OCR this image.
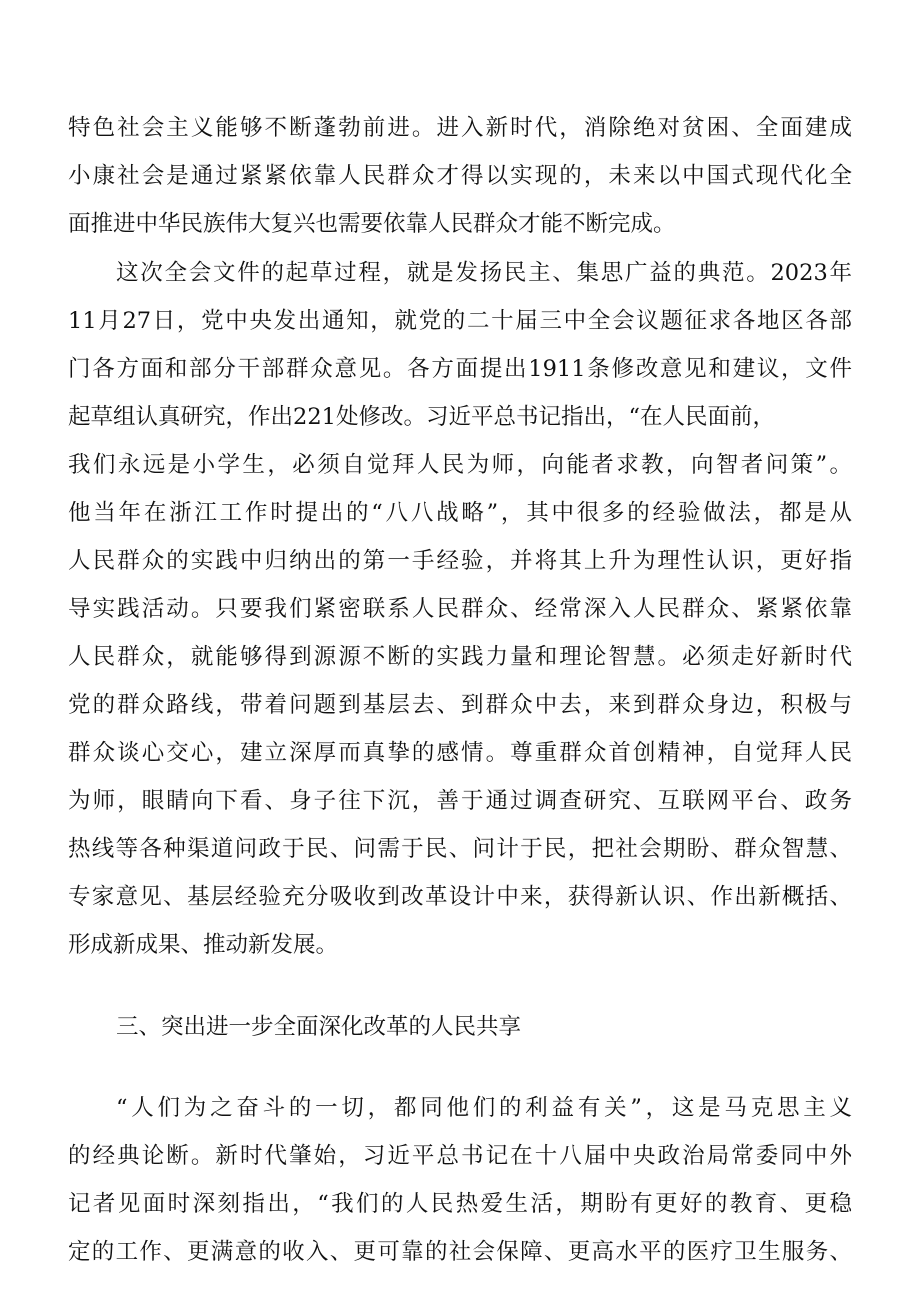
特色社会主义能够不断蓬勃前进。进入新时代，消除绝对贫困、全面建成
小康社会是通过紧紧依靠人民群众才得以实现的，未来以中国式现代化全
面推进中华民族伟大复兴也需要依靠人民群众才能不断完成。
这次全会文件的起草过程，就是发扬民主、集思广益的典范。2023年
11月27日，党中央发出通知，就党的二十届三中全会议题征求各地区各部
门各方面和部分干部群众意见。各方面提出1911条修改意见和建议，文件
起草组认真研究，作出221处修改。习近平总书记指出，“在人民面前，
我们永远是小学生，必须自觉拜人民为师，向能者求教，向智者问策”。
他当年在浙江工作时提出的“八八战略”，其中很多的经验做法，都是从
人民群众的实践中归纳出的第一手经验，并将其上升为理性认识，更好指
导实践活动。只要我们紧密联系人民群众、经常深入人民群众、紧紧依靠
人民群众，就能够得到源源不断的实践力量和理论智慧。必须走好新时代
党的群众路线，带着问题到基层去、到群众中去，来到群众身边，积极与
群众谈心交心，建立深厚而真挚的感情。尊重群众首创精神，自觉拜人民
为师，眼睛向下看、身子往下沉，善于通过调查研究、互联网平台、政务
热线等各种渠道问政于民、问需于民、问计于民，把社会期盼、群众智慧、
专家意见、基层经验充分吸收到改革设计中来，获得新认识、作出新概括、
形成新成果、推动新发展。
三、突出进一步全面深化改革的人民共享
“人们为之奋斗的一切，都同他们的利益有关”，这是马克思主义
的经典论断。新时代肇始，习近平总书记在十八届中央政治局常委同中外
记者见面时深刻指出，“我们的人民热爱生活，期盼有更好的教育、更稳
定的工作、更满意的收入、更可靠的社会保障、更高水平的医疗卫生服务、
